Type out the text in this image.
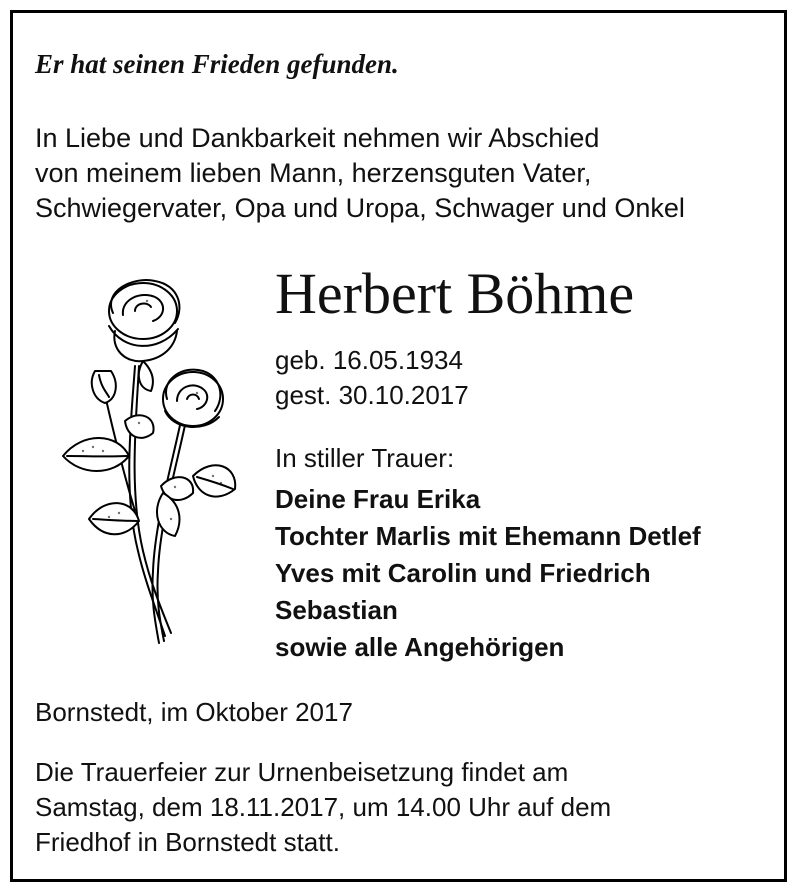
Er hat seinen Frieden gefunden.
In Liebe und Dankbarkeit nehmen wir Abschied
von meinem lieben Mann, herzensguten Vater,
Schwiegervater, Opa und Uropa, Schwager und Onkel
Herbert Böhme
geb. 16.05.1934
gest. 30.10.2017
In stiller Trauer:
Deine Frau Erika
Tochter Marlis mit Ehemann Detlef
Yves mit Carolin und Friedrich
Sebastian
sowie alle Angehörigen
Bornstedt, im Oktober 2017
Die Trauerfeier zur Urnenbeisetzung findet am
Samstag, dem 18.11.2017, um 14.00 Uhr auf dem
Friedhof in Bornstedt statt.
